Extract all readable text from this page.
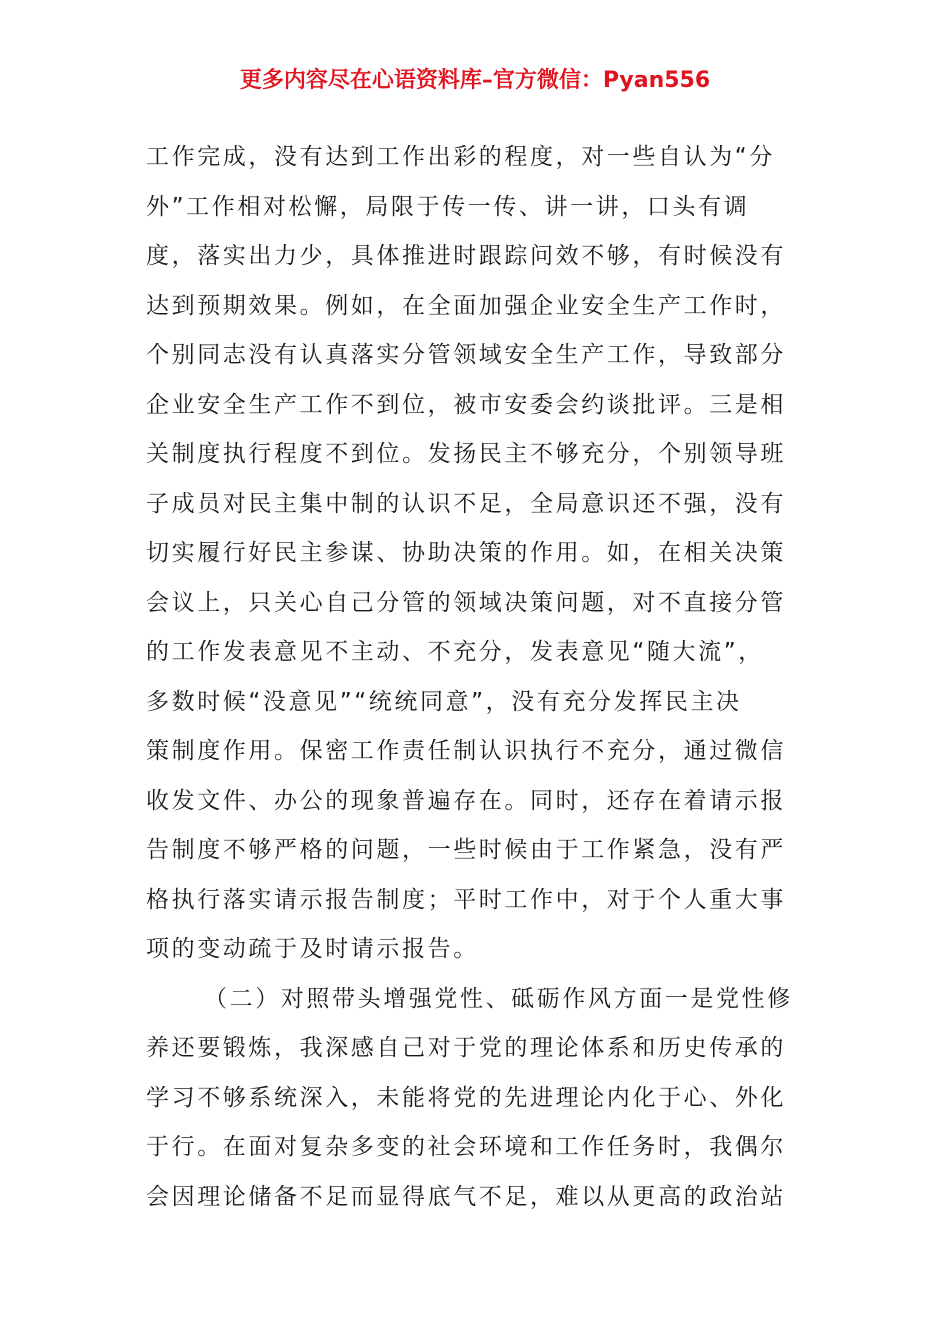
更多内容尽在心语资料库–官方微信：Pyan556
工作完成，没有达到工作出彩的程度，对一些自认为“分
外”工作相对松懈，局限于传一传、讲一讲，口头有调
度，落实出力少，具体推进时跟踪问效不够，有时候没有
达到预期效果。例如，在全面加强企业安全生产工作时，
个别同志没有认真落实分管领域安全生产工作，导致部分
企业安全生产工作不到位，被市安委会约谈批评。三是相
关制度执行程度不到位。发扬民主不够充分，个别领导班
子成员对民主集中制的认识不足，全局意识还不强，没有
切实履行好民主参谋、协助决策的作用。如，在相关决策
会议上，只关心自己分管的领域决策问题，对不直接分管
的工作发表意见不主动、不充分，发表意见“随大流”，
多数时候“没意见”“统统同意”，没有充分发挥民主决
策制度作用。保密工作责任制认识执行不充分，通过微信
收发文件、办公的现象普遍存在。同时，还存在着请示报
告制度不够严格的问题，一些时候由于工作紧急，没有严
格执行落实请示报告制度；平时工作中，对于个人重大事
项的变动疏于及时请示报告。
（二）对照带头增强党性、砥砺作风方面一是党性修
养还要锻炼，我深感自己对于党的理论体系和历史传承的
学习不够系统深入，未能将党的先进理论内化于心、外化
于行。在面对复杂多变的社会环境和工作任务时，我偶尔
会因理论储备不足而显得底气不足，难以从更高的政治站
